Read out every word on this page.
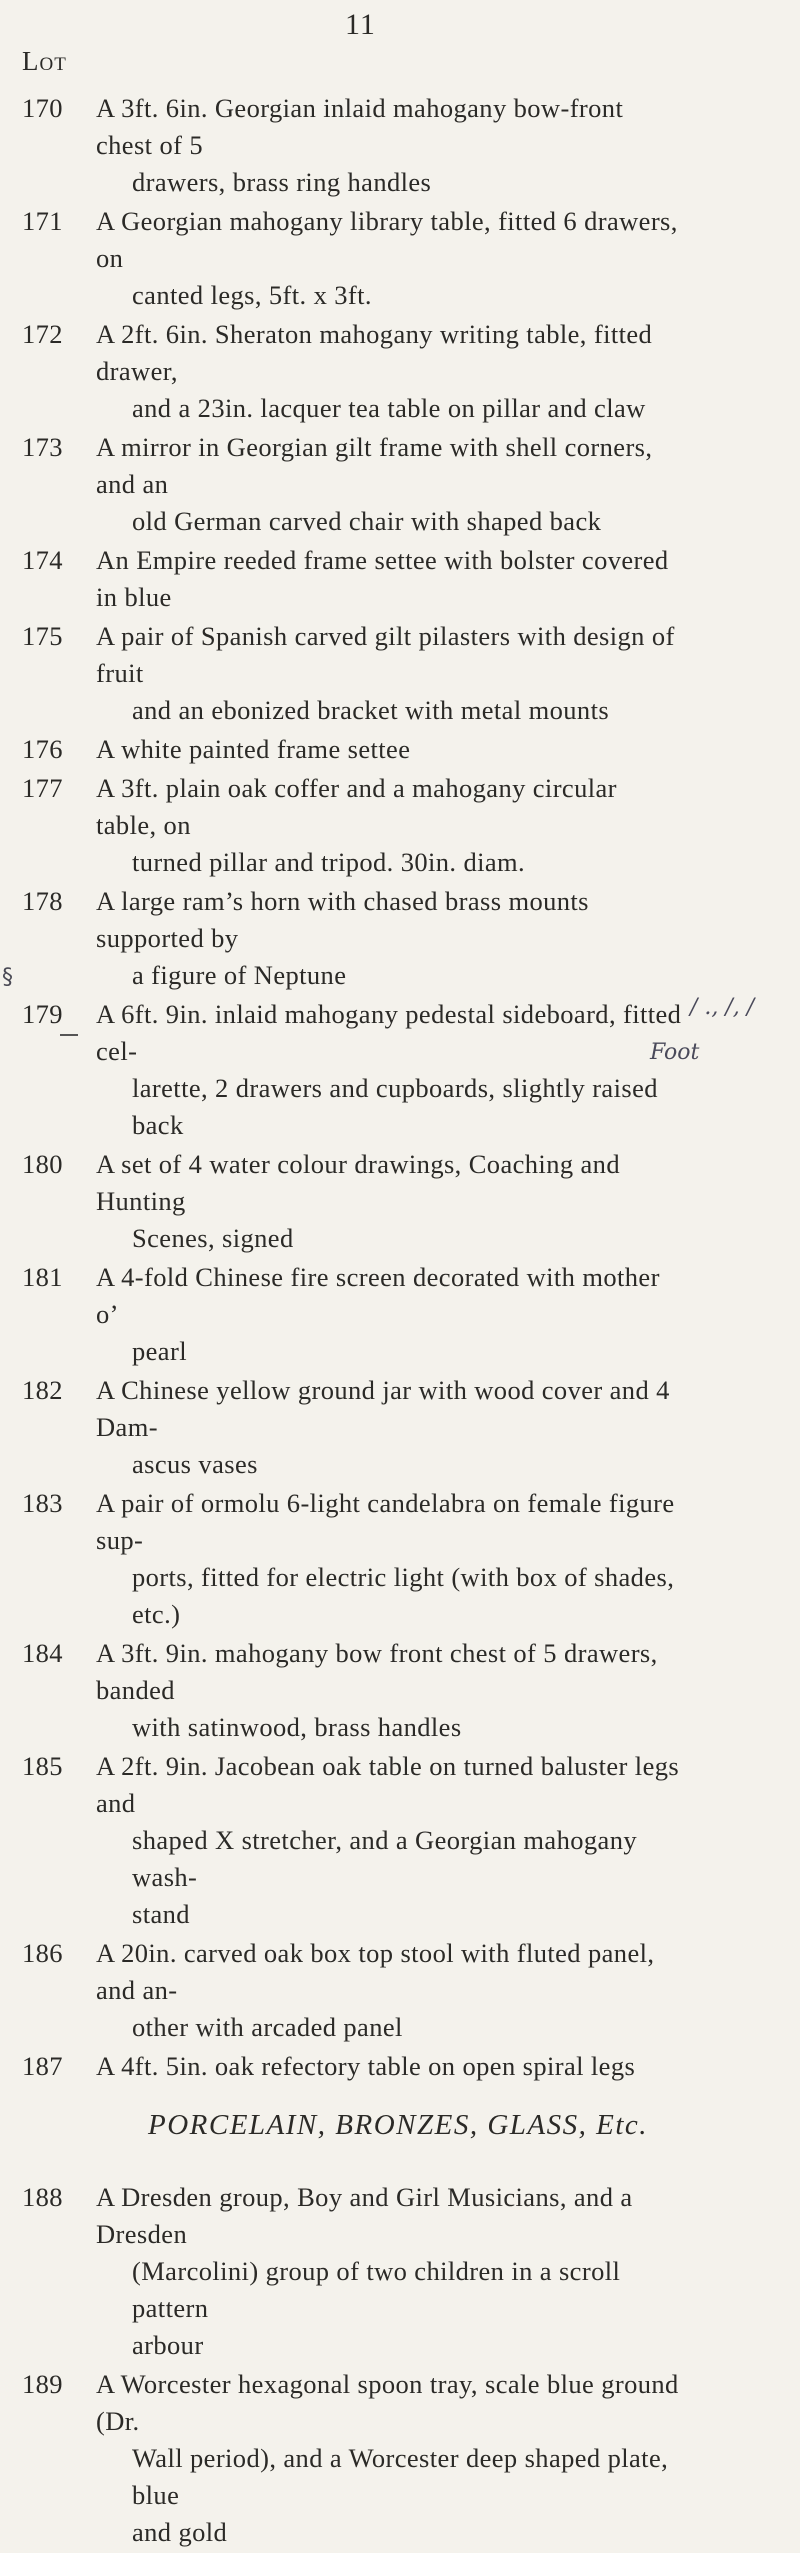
11
Lot
§
/ ., /, /
Foot
170 A 3ft. 6in. Georgian inlaid mahogany bow-front chest of 5
drawers, brass ring handles
171 A Georgian mahogany library table, fitted 6 drawers, on
canted legs, 5ft. x 3ft.
172 A 2ft. 6in. Sheraton mahogany writing table, fitted drawer,
and a 23in. lacquer tea table on pillar and claw
173 A mirror in Georgian gilt frame with shell corners, and an
old German carved chair with shaped back
174 An Empire reeded frame settee with bolster covered in blue
175 A pair of Spanish carved gilt pilasters with design of fruit
and an ebonized bracket with metal mounts
176 A white painted frame settee
177 A 3ft. plain oak coffer and a mahogany circular table, on
turned pillar and tripod. 30in. diam.
178 A large ram’s horn with chased brass mounts supported by
a figure of Neptune
179 A 6ft. 9in. inlaid mahogany pedestal sideboard, fitted cel-
larette, 2 drawers and cupboards, slightly raised back
180 A set of 4 water colour drawings, Coaching and Hunting
Scenes, signed
181 A 4-fold Chinese fire screen decorated with mother o’
pearl
182 A Chinese yellow ground jar with wood cover and 4 Dam-
ascus vases
183 A pair of ormolu 6-light candelabra on female figure sup-
ports, fitted for electric light (with box of shades, etc.)
184 A 3ft. 9in. mahogany bow front chest of 5 drawers, banded
with satinwood, brass handles
185 A 2ft. 9in. Jacobean oak table on turned baluster legs and
shaped X stretcher, and a Georgian mahogany wash-
stand
186 A 20in. carved oak box top stool with fluted panel, and an-
other with arcaded panel
187 A 4ft. 5in. oak refectory table on open spiral legs
188 A Dresden group, Boy and Girl Musicians, and a Dresden
(Marcolini) group of two children in a scroll pattern
arbour
189 A Worcester hexagonal spoon tray, scale blue ground (Dr.
Wall period), and a Worcester deep shaped plate, blue
and gold
PORCELAIN, BRONZES, GLASS, Etc.
